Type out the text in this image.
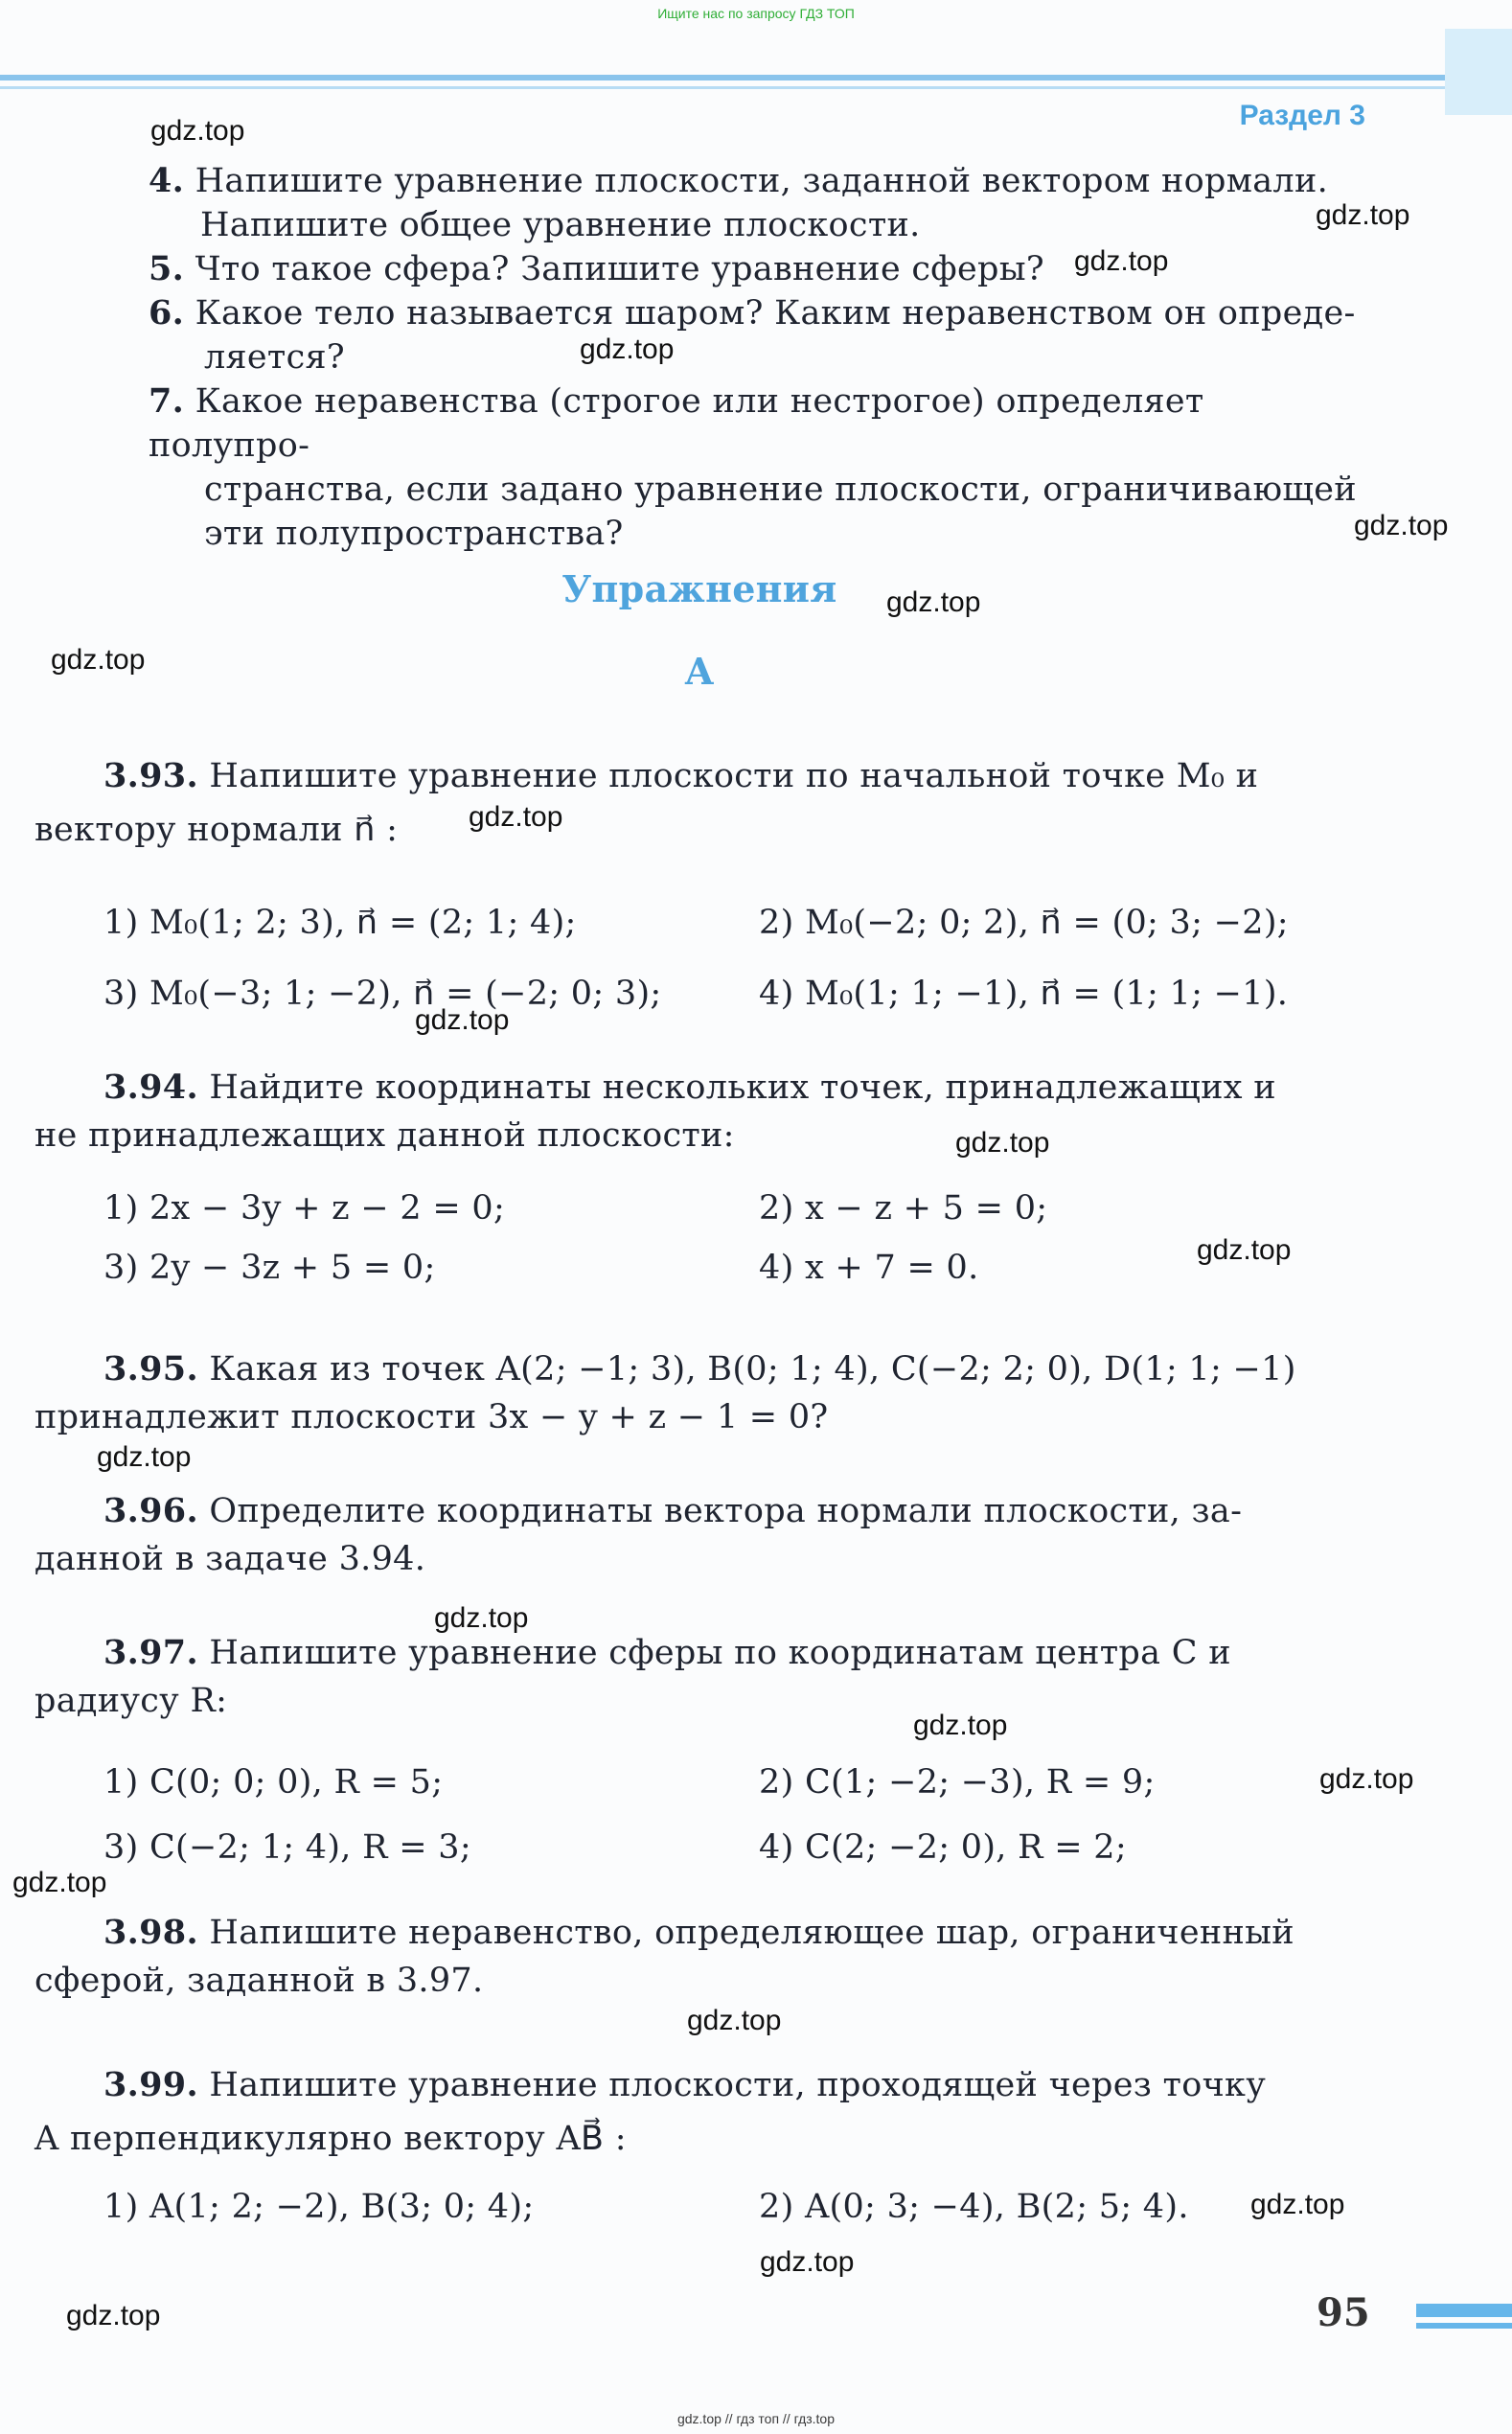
Ищите нас по запросу ГДЗ ТОП
Раздел 3
4. Напишите уравнение плоскости, заданной вектором нормали.
Напишите общее уравнение плоскости.
5. Что такое сфера? Запишите уравнение сферы?
6. Какое тело называется шаром? Каким неравенством он опреде-
ляется?
7. Какое неравенства (строгое или нестрогое) определяет полупро-
странства, если задано уравнение плоскости, ограничивающей
эти полупространства?
Упражнения
А
3.93. Напишите уравнение плоскости по начальной точке M₀ и
вектору нормали n⃗ :
1) M₀(1; 2; 3), n⃗ = (2; 1; 4);	2) M₀(−2; 0; 2), n⃗ = (0; 3; −2);
3) M₀(−3; 1; −2), n⃗ = (−2; 0; 3);	4) M₀(1; 1; −1), n⃗ = (1; 1; −1).
3.94. Найдите координаты нескольких точек, принадлежащих и
не принадлежащих данной плоскости:
1) 2x − 3y + z − 2 = 0;	2) x − z + 5 = 0;
3) 2y − 3z + 5 = 0;	4) x + 7 = 0.
3.95. Какая из точек A(2; −1; 3), B(0; 1; 4), C(−2; 2; 0), D(1; 1; −1)
принадлежит плоскости 3x − y + z − 1 = 0?
3.96. Определите координаты вектора нормали плоскости, за-
данной в задаче 3.94.
3.97. Напишите уравнение сферы по координатам центра C и
радиусу R:
1) C(0; 0; 0), R = 5;	2) C(1; −2; −3), R = 9;
3) C(−2; 1; 4), R = 3;	4) C(2; −2; 0), R = 2;
3.98. Напишите неравенство, определяющее шар, ограниченный
сферой, заданной в 3.97.
3.99. Напишите уравнение плоскости, проходящей через точку
A перпендикулярно вектору AB⃗ :
1) A(1; 2; −2), B(3; 0; 4);	2) A(0; 3; −4), B(2; 5; 4).
gdz.top
gdz.top
gdz.top
gdz.top
gdz.top
gdz.top
gdz.top
gdz.top
gdz.top
gdz.top
gdz.top
gdz.top
gdz.top
gdz.top
gdz.top
gdz.top
gdz.top
gdz.top
gdz.top
gdz.top	95
gdz.top // гдз топ // гдз.top
